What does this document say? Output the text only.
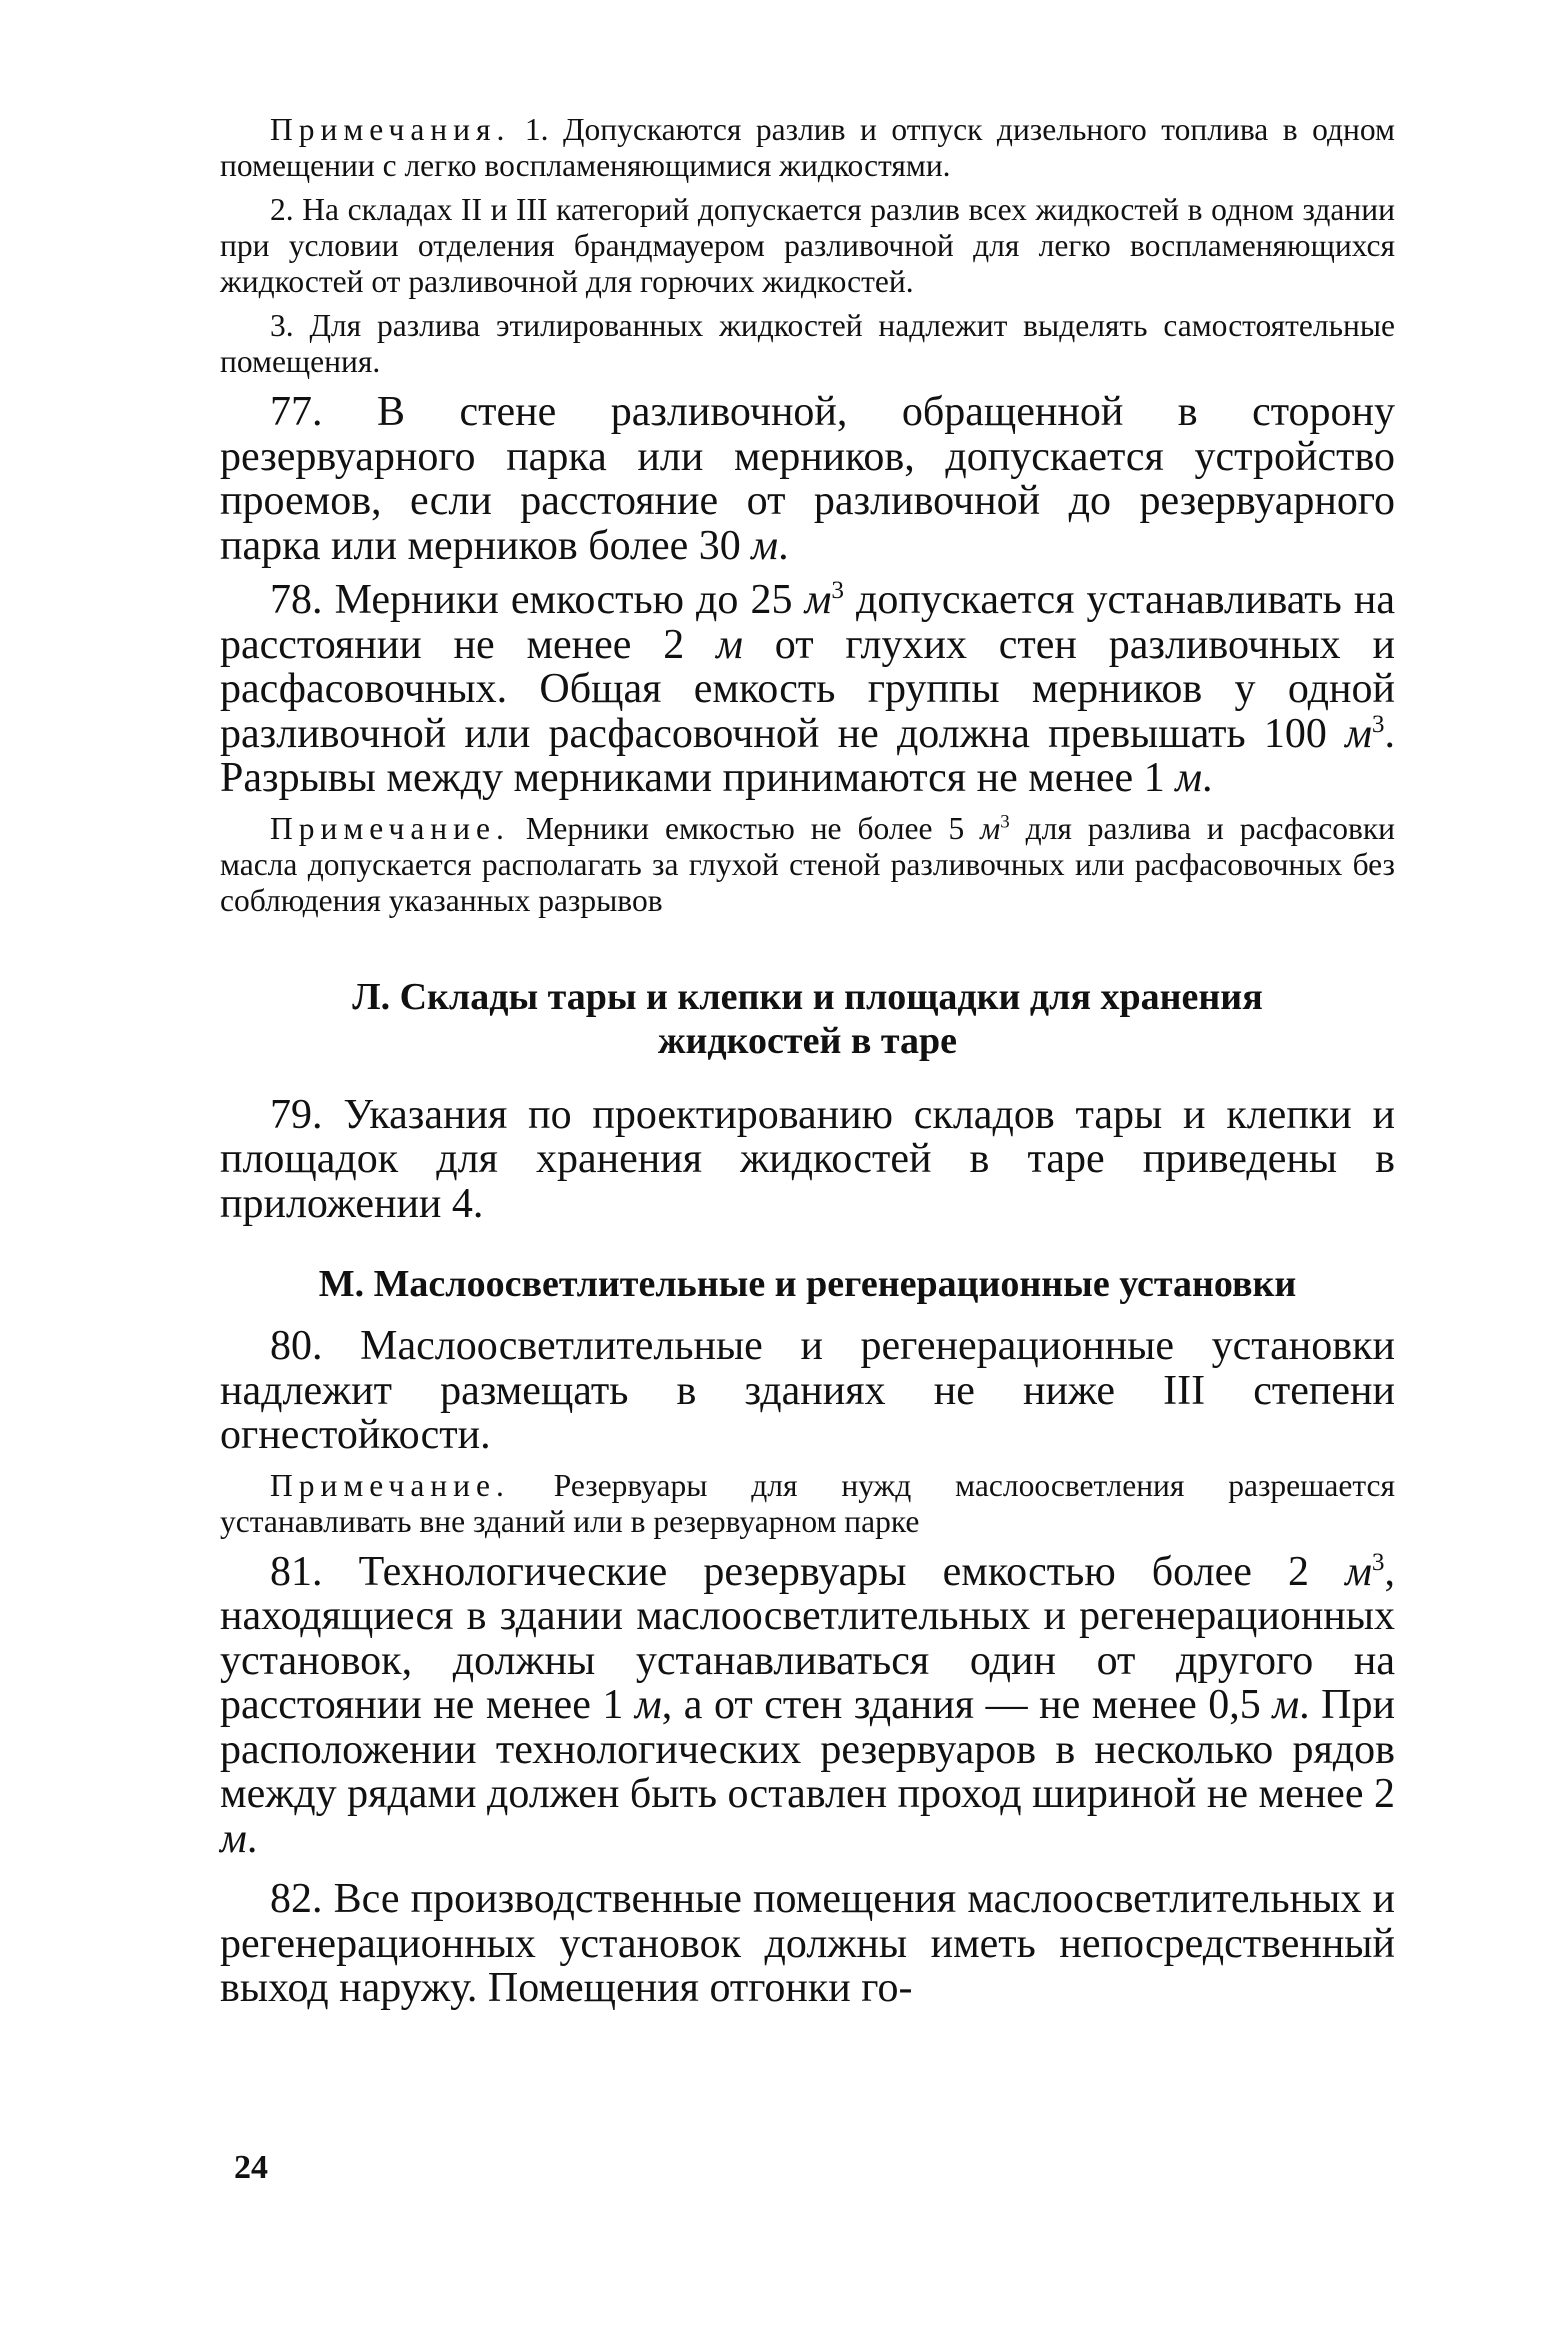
Примечания. 1. Допускаются разлив и отпуск дизельного топлива в одном помещении с легко воспламеняющимися жидкостями.

2. На складах II и III категорий допускается разлив всех жидкостей в одном здании при условии отделения брандмауером разливочной для легко воспламеняющихся жидкостей от разливочной для горючих жидкостей.

3. Для разлива этилированных жидкостей надлежит выделять самостоятельные помещения.

77. В стене разливочной, обращенной в сторону резервуарного парка или мерников, допускается устройство проемов, если расстояние от разливочной до резервуарного парка или мерников более 30 м.

78. Мерники емкостью до 25 $м^3$ допускается устанавливать на расстоянии не менее 2 м от глухих стен разливочных и расфасовочных. Общая емкость группы мерников у одной разливочной или расфасовочной не должна превышать 100 $м^3$. Разрывы между мерниками принимаются не менее 1 м.

Примечание. Мерники емкостью не более 5 $м^3$ для разлива и расфасовки масла допускается располагать за глухой стеной разливочных или расфасовочных без соблюдения указанных разрывов

Л. Склады тары и клепки и площадки для хранения

жидкостей в таре

79. Указания по проектированию складов тары и клепки и площадок для хранения жидкостей в таре приведены в приложении 4.

М. Маслоосветлительные и регенерационные установки

80. Маслоосветлительные и регенерационные установки надлежит размещать в зданиях не ниже III степени огнестойкости.

Примечание. Резервуары для нужд маслоосветления разрешается устанавливать вне зданий или в резервуарном парке

81. Технологические резервуары емкостью более 2 $м^3$, находящиеся в здании маслоосветлительных и регенерационных установок, должны устанавливаться один от другого на расстоянии не менее 1 м, а от стен здания — не менее 0,5 м. При расположении технологических резервуаров в несколько рядов между рядами должен быть оставлен проход шириной не менее 2 м.

82. Все производственные помещения маслоосветлительных и регенерационных установок должны иметь непосредственный выход наружу. Помещения отгонки го-

24
